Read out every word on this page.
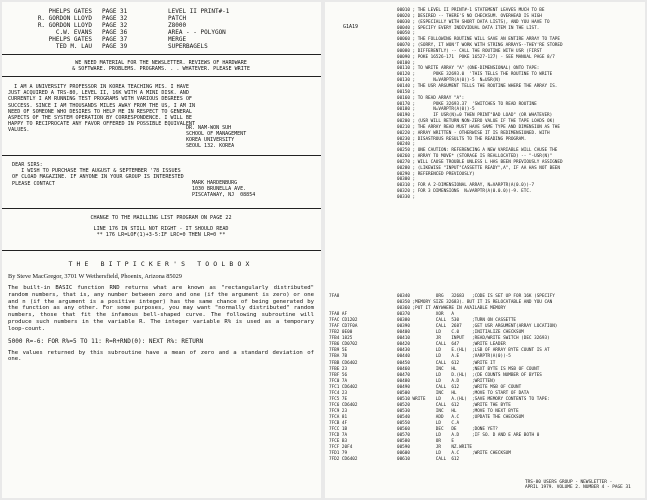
PHELPS GATES	PAGE 31	LEVEL II PRINT#-1
R. GORDON LLOYD	PAGE 32	PATCH
R. GORDON LLOYD	PAGE 32	Z8000
C.W. EVANS	PAGE 36	AREA - - POLYGON
PHELPS GATES	PAGE 37	MERGE
TED M. LAU	PAGE 39	SUPERBAGELS
WE NEED MATERIAL FOR THE NEWSLETTER. REVIEWS OF HARDWARE
& SOFTWARE. PROBLEMS. PROGRAMS. . . WHATEVER. PLEASE WRITE
I AM A UNIVERSITY PROFESSOR IN KOREA TEACHING MIS. I HAVE
JUST ACQUIRED A TRS-80, LEVEL II, 16K WITH A MINI DISK. AND
CURRENTLY I AM RUNNING TEST PROGRAMS WITH VARIOUS DEGREES OF
SUCCESS. SINCE I AM THOUSANDS MILES AWAY FROM THE US, I AM IN
NEED OF SOMEONE WHO DESIRES TO HELP ME IN RESPECT TO GENERAL
ASPECTS OF THE SYSTEM OPERATION BY CORRESPONDENCE. I WILL BE
HAPPY TO RECIPROCATE ANY FAVOR OFFERED IN POSSIBLE EQUIVALENT
VALUES.	DR. NAM-WON SUH
SCHOOL OF MANAGEMENT
KOREA UNIVERSITY
SEOUL 132. KOREA
DEAR SIRS:
I WISH TO PURCHASE THE AUGUST & SEPTEMBER '78 ISSUES
OF CLOAD MAGAZINE. IF ANYONE IN YOUR GROUP IS INTERESTED
PLEASE CONTACT	MARK HARDENBURG
1030 BRUNELLA AVE.
PISCATAWAY, NJ  08854
CHANGE TO THE MAILLING LIST PROGRAM ON PAGE 22
LINE 176 IN STILL NOT RIGHT - IT SHOULD READ
** 176 LR=LOF(1)+3-5:IF LRC=0 THEN LR=0 **
THE BITPICKER'S TOOLBOX
By Steve MacGregor, 3701 W Wethersfield, Phoenix, Arizona 85029
The built-in BASIC function RND returns what are known as "rectangularly distributed" random numbers, that is, any number between zero and one (if the argument is zero) or one and n (if the argument is a positive integer) has the same chance of being generated by the function as any other. For some purposes, you may want "normally distributed" random numbers, those that fit the infamous bell-shaped curve. The following subroutine will produce such numbers in the variable R. The integer variable R% is used as a temporary loop-count.
5000 R=-6: FOR R%=5 TO 11: R=R+RND(0): NEXT R%: RETURN
The values returned by this subroutine have a mean of zero and a standard deviation of one.
G1A19
00010 ; THE LEVEL II PRINT#-1 STATEMENT LEAVES MUCH TO BE
00020 ; DESIRED -- THERE'S NO CHECKSUM. OVERHEAD IS HIGH
00030 ; (ESPECIALLY WITH SHORT DATA LISTS), AND YOU HAVE TO
00040 ; SPECIFY EVERY INDIVIDUAL DATA ITEM IN THE LIST.
00050 ;
00060 ; THE FOLLOWING ROUTINE WILL SAVE AN ENTIRE ARRAY TO TAPE
00070 ; (SORRY, IT WON'T WORK WITH STRING ARRAYS--THEY'RE STORED
00080 ; DIFFERENTLY) -- CALL THE ROUTINE WITH USR (FIRST
00090 ; POKE 16526-171  POKE 16527-127) - SEE MANUAL PAGE 8/7
00100 ;
00110 ; TO WRITE ARRAY "A" (ONE-DIMENSIONAL) ONTO TAPE:
00120 ;       POKE 32693.0  'THIS TELLS THE ROUTINE TO WRITE
00130 ;       N=VARPTR(A(0))-5  N=USR(N)
00140 ; THE USR ARGUMENT TELLS THE ROUTINE WHERE THE ARRAY IS.
00150 ;
00160 ; TO READ ARRAY "A":
00170 ;       POKE 32693.37  'SWITCHES TO READ ROUTINE
00180 ;       N=VARPTR(A(0))-5
00190 ;       IF USR(N)=0 THEN PRINT"BAD LOAD" (OR WHATEVER)
00200 ; (USR WILL RETURN NON-ZERO VALUE IF THE TAPE LOADS OK)
00210 ; THE ARRAY READ MUST HAVE SAME TYPE AND DIMENSION AS THE
00220 ; ARRAY WRITTEN - OTHERWISE IT IS REDIMENSIONED. WITH
00230 ; DISASTROUS RESULTS TO THE READING PROGRAM.
00240 ;
00250 ; ONE CAUTION: REFERENCING A NEW VARIABLE WILL CAUSE THE
00260 ; ARRAY TO MOVE* (STORAGE IS REALLOCATED) -- "-USR(N)"
00270 ; WILL CAUSE TROUBLE UNLESS L HAS BEEN PREVIOUSLY ASSIGNED
00280 ; (LIKEWISE "INPUT"CASSETTE READY",A", IF AA HAS NOT BEEN
00290 ; REFERENCED PREVIOUSLY)
00300 ;
00310 ; FOR A 2-DIMENSIONAL ARRAY, N=VARPTR(A(0.0))-7
00320 ; FOR 3 DIMENSIONS  N=VARPTR(A(0.0.0))-9. ETC.
00330 ;
7FA8

7FA8 AF
7FAC CD1202
7FAF CD7F0A
7FB2 0E00
7FB4 1825
7FB6 CD0702
7FB9 5E
7FBA 7B
7FBB CD6402
7FBE 23
7FBF 56
7FC0 7A
7FC1 CD6402
7FC4 23
7FC5 7E
7FC6 CD6402
7FC9 23
7FCA 81
7FCB 4F
7FCC 1B
7FCD 7A
7FCE B3
7FCF 20F4
7FD1 79
7FD2 CD6402
00340          ORG   32683   ;CODE IS SET UP FOR 16K (SPECIFY
00350 ;MEMORY SIZE 32683). BUT IT IS RELOCATABLE AND YOU CAN
00360 ;PUT IT ANYWHERE IN AVAILABLE MEMORY
00370          XOR   A
00380          CALL  530     ;TURN ON CASSETTE
00390          CALL  2687    ;GET USR ARGUMENT(ARRAY LOCATION)
00400          LD    C.0     ;INITIALIZE CHECKSUM
00410          JR    INPUT   ;READ/WRITE SWITCH (DEC 32693)
00420          CALL  647     ;WRITE LEADER
00430          LD    E.(HL)  ;LSB OF ARRAY BYTE COUNT IS AT
00440          LD    A.E     ;VARPTR(A(0))-5
00450          CALL  612     ;WRITE IT
00460          INC   HL      ;NEXT BYTE IS MSB OF COUNT
00470          LD    D.(HL)  ;(DE COUNTS NUMBER OF BYTES
00480          LD    A.D     ;WRITTEN)
00490          CALL  612     ;WRITE MSB OF COUNT
00500          INC   HL      ;MOVE TO START OF DATA
00510 WRITE    LD    A.(HL)  ;SAVE MEMORY CONTENTS TO TAPE:
00520          CALL  612     ;WRITE THE BYTE
00530          INC   HL      ;MOVE TO NEXT BYTE
00540          ADD   A.C     ;UPDATE THE CHECKSUM
00550          LD    C.A
00560          DEC   DE      ;DONE YET?
00570          LD    A.D     ;IF SO. D AND E ARE BOTH 0
00580          OR    E
00590          JR    NZ.WRITE
00600          LD    A.C     ;WRITE CHECKSUM
00610          CALL  612
TRS-80 USERS GROUP - NEWSLETTER -
APRIL 1979. VOLUME 2. NUMBER 4 - PAGE 31
